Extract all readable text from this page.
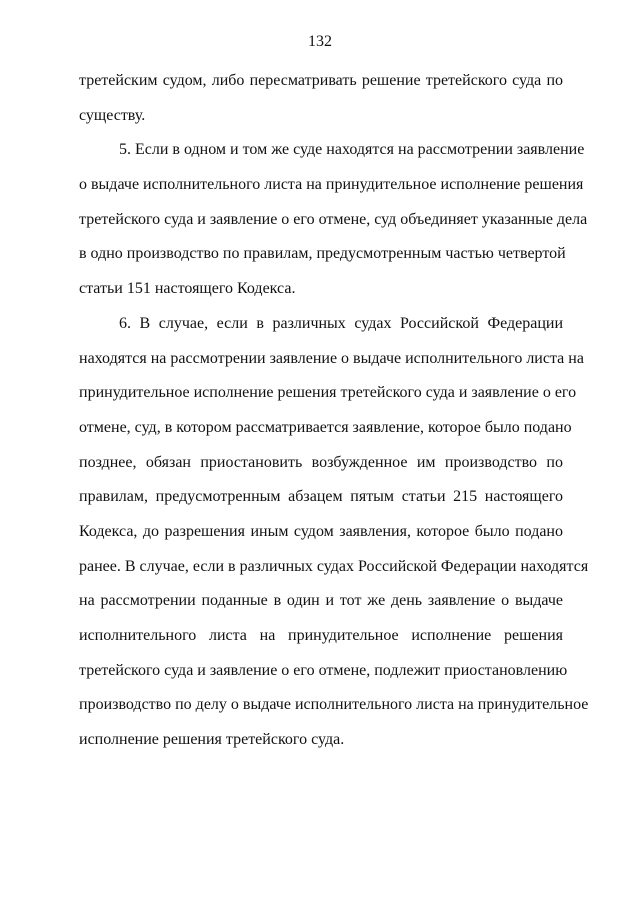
132
третейским судом, либо пересматривать решение третейского суда по
существу.
5. Если в одном и том же суде находятся на рассмотрении заявление
о выдаче исполнительного листа на принудительное исполнение решения
третейского суда и заявление о его отмене, суд объединяет указанные дела
в одно производство по правилам, предусмотренным частью четвертой
статьи 151 настоящего Кодекса.
6. В случае, если в различных судах Российской Федерации
находятся на рассмотрении заявление о выдаче исполнительного листа на
принудительное исполнение решения третейского суда и заявление о его
отмене, суд, в котором рассматривается заявление, которое было подано
позднее, обязан приостановить возбужденное им производство по
правилам, предусмотренным абзацем пятым статьи 215 настоящего
Кодекса, до разрешения иным судом заявления, которое было подано
ранее. В случае, если в различных судах Российской Федерации находятся
на рассмотрении поданные в один и тот же день заявление о выдаче
исполнительного листа на принудительное исполнение решения
третейского суда и заявление о его отмене, подлежит приостановлению
производство по делу о выдаче исполнительного листа на принудительное
исполнение решения третейского суда.
